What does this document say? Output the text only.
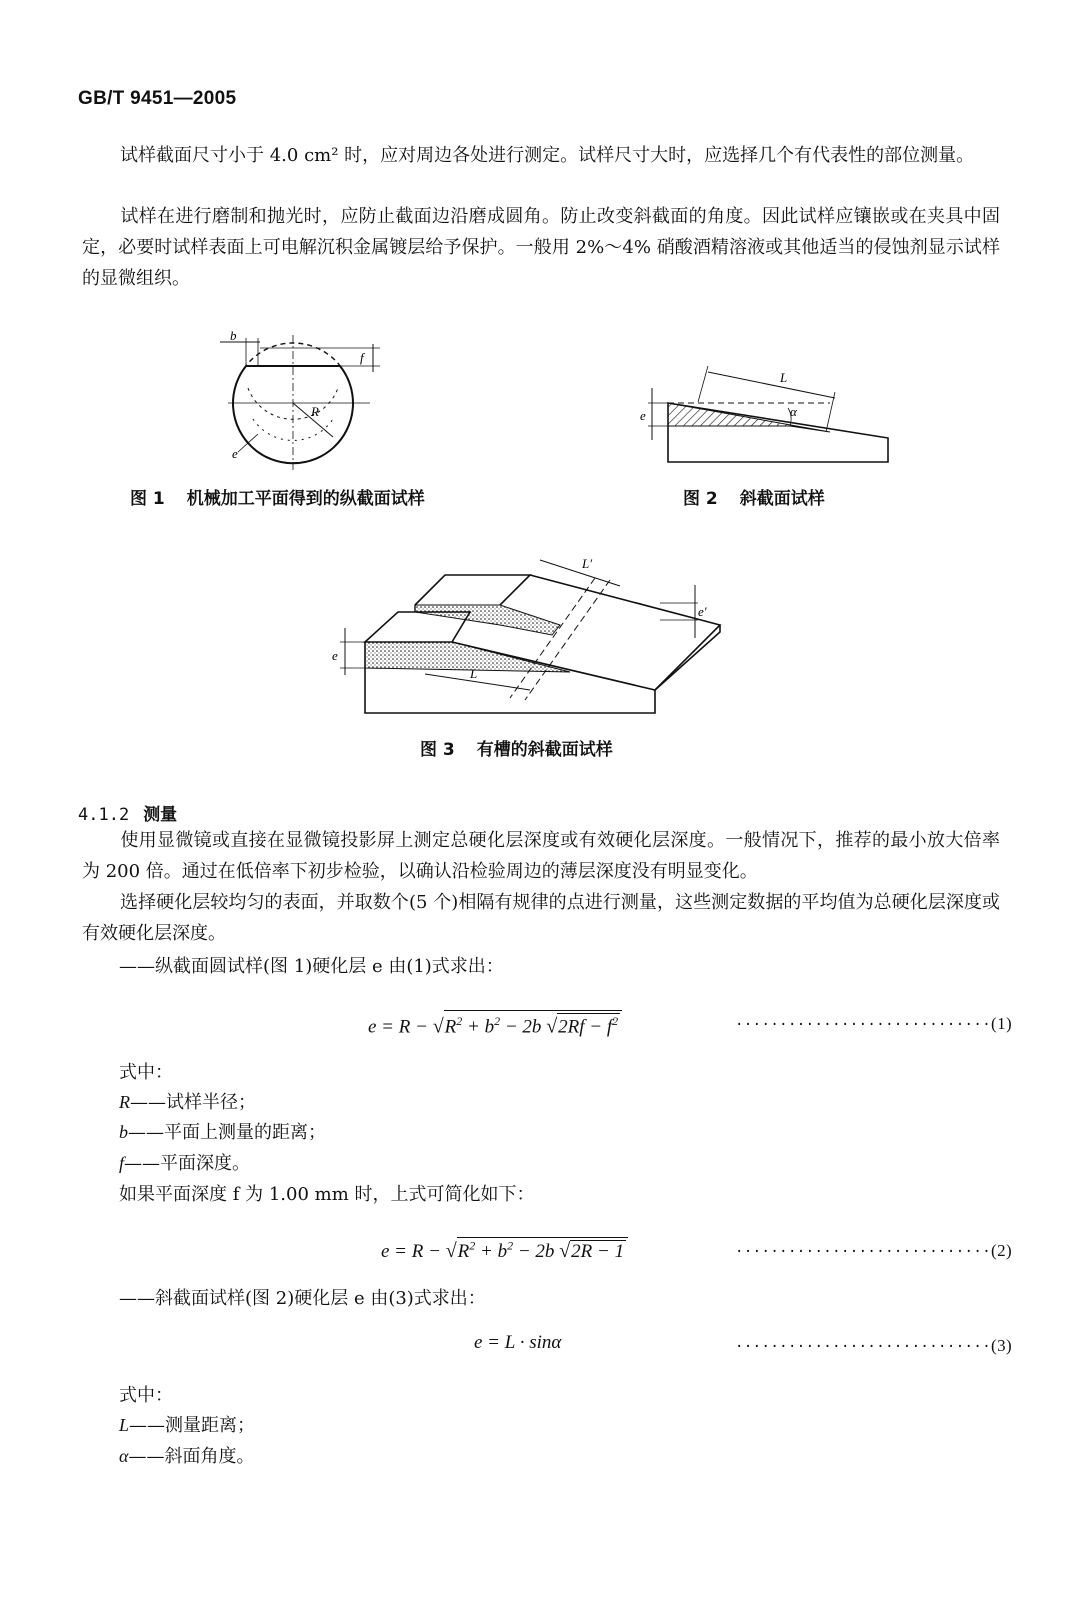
GB/T 9451—2005
试样截面尺寸小于 4.0 cm² 时，应对周边各处进行测定。试样尺寸大时，应选择几个有代表性的部位测量。
试样在进行磨制和抛光时，应防止截面边沿磨成圆角。防止改变斜截面的角度。因此试样应镶嵌或在夹具中固定，必要时试样表面上可电解沉积金属镀层给予保护。一般用 2%～4% 硝酸酒精溶液或其他适当的侵蚀剂显示试样的显微组织。
b
f
R
e
图 1 机械加工平面得到的纵截面试样
e
L
α
图 2 斜截面试样
L′
e′
e
L
图 3 有槽的斜截面试样
4.1.2 测量
使用显微镜或直接在显微镜投影屏上测定总硬化层深度或有效硬化层深度。一般情况下，推荐的最小放大倍率为 200 倍。通过在低倍率下初步检验，以确认沿检验周边的薄层深度没有明显变化。
选择硬化层较均匀的表面，并取数个(5 个)相隔有规律的点进行测量，这些测定数据的平均值为总硬化层深度或有效硬化层深度。
——纵截面圆试样(图 1)硬化层 e 由(1)式求出：
$e = R - √R^2 + b^2 - 2b$ $√2Rf - f^2$	·····························(1)
式中：
R——试样半径；
b——平面上测量的距离；
f——平面深度。
如果平面深度 f 为 1.00 mm 时，上式可简化如下：
$e = R - √R^2 + b^2 - 2b$ √2R − 1	·····························(2)
——斜截面试样(图 2)硬化层 e 由(3)式求出：
e = L · sinα	·····························(3)
式中：
L——测量距离；
α——斜面角度。
